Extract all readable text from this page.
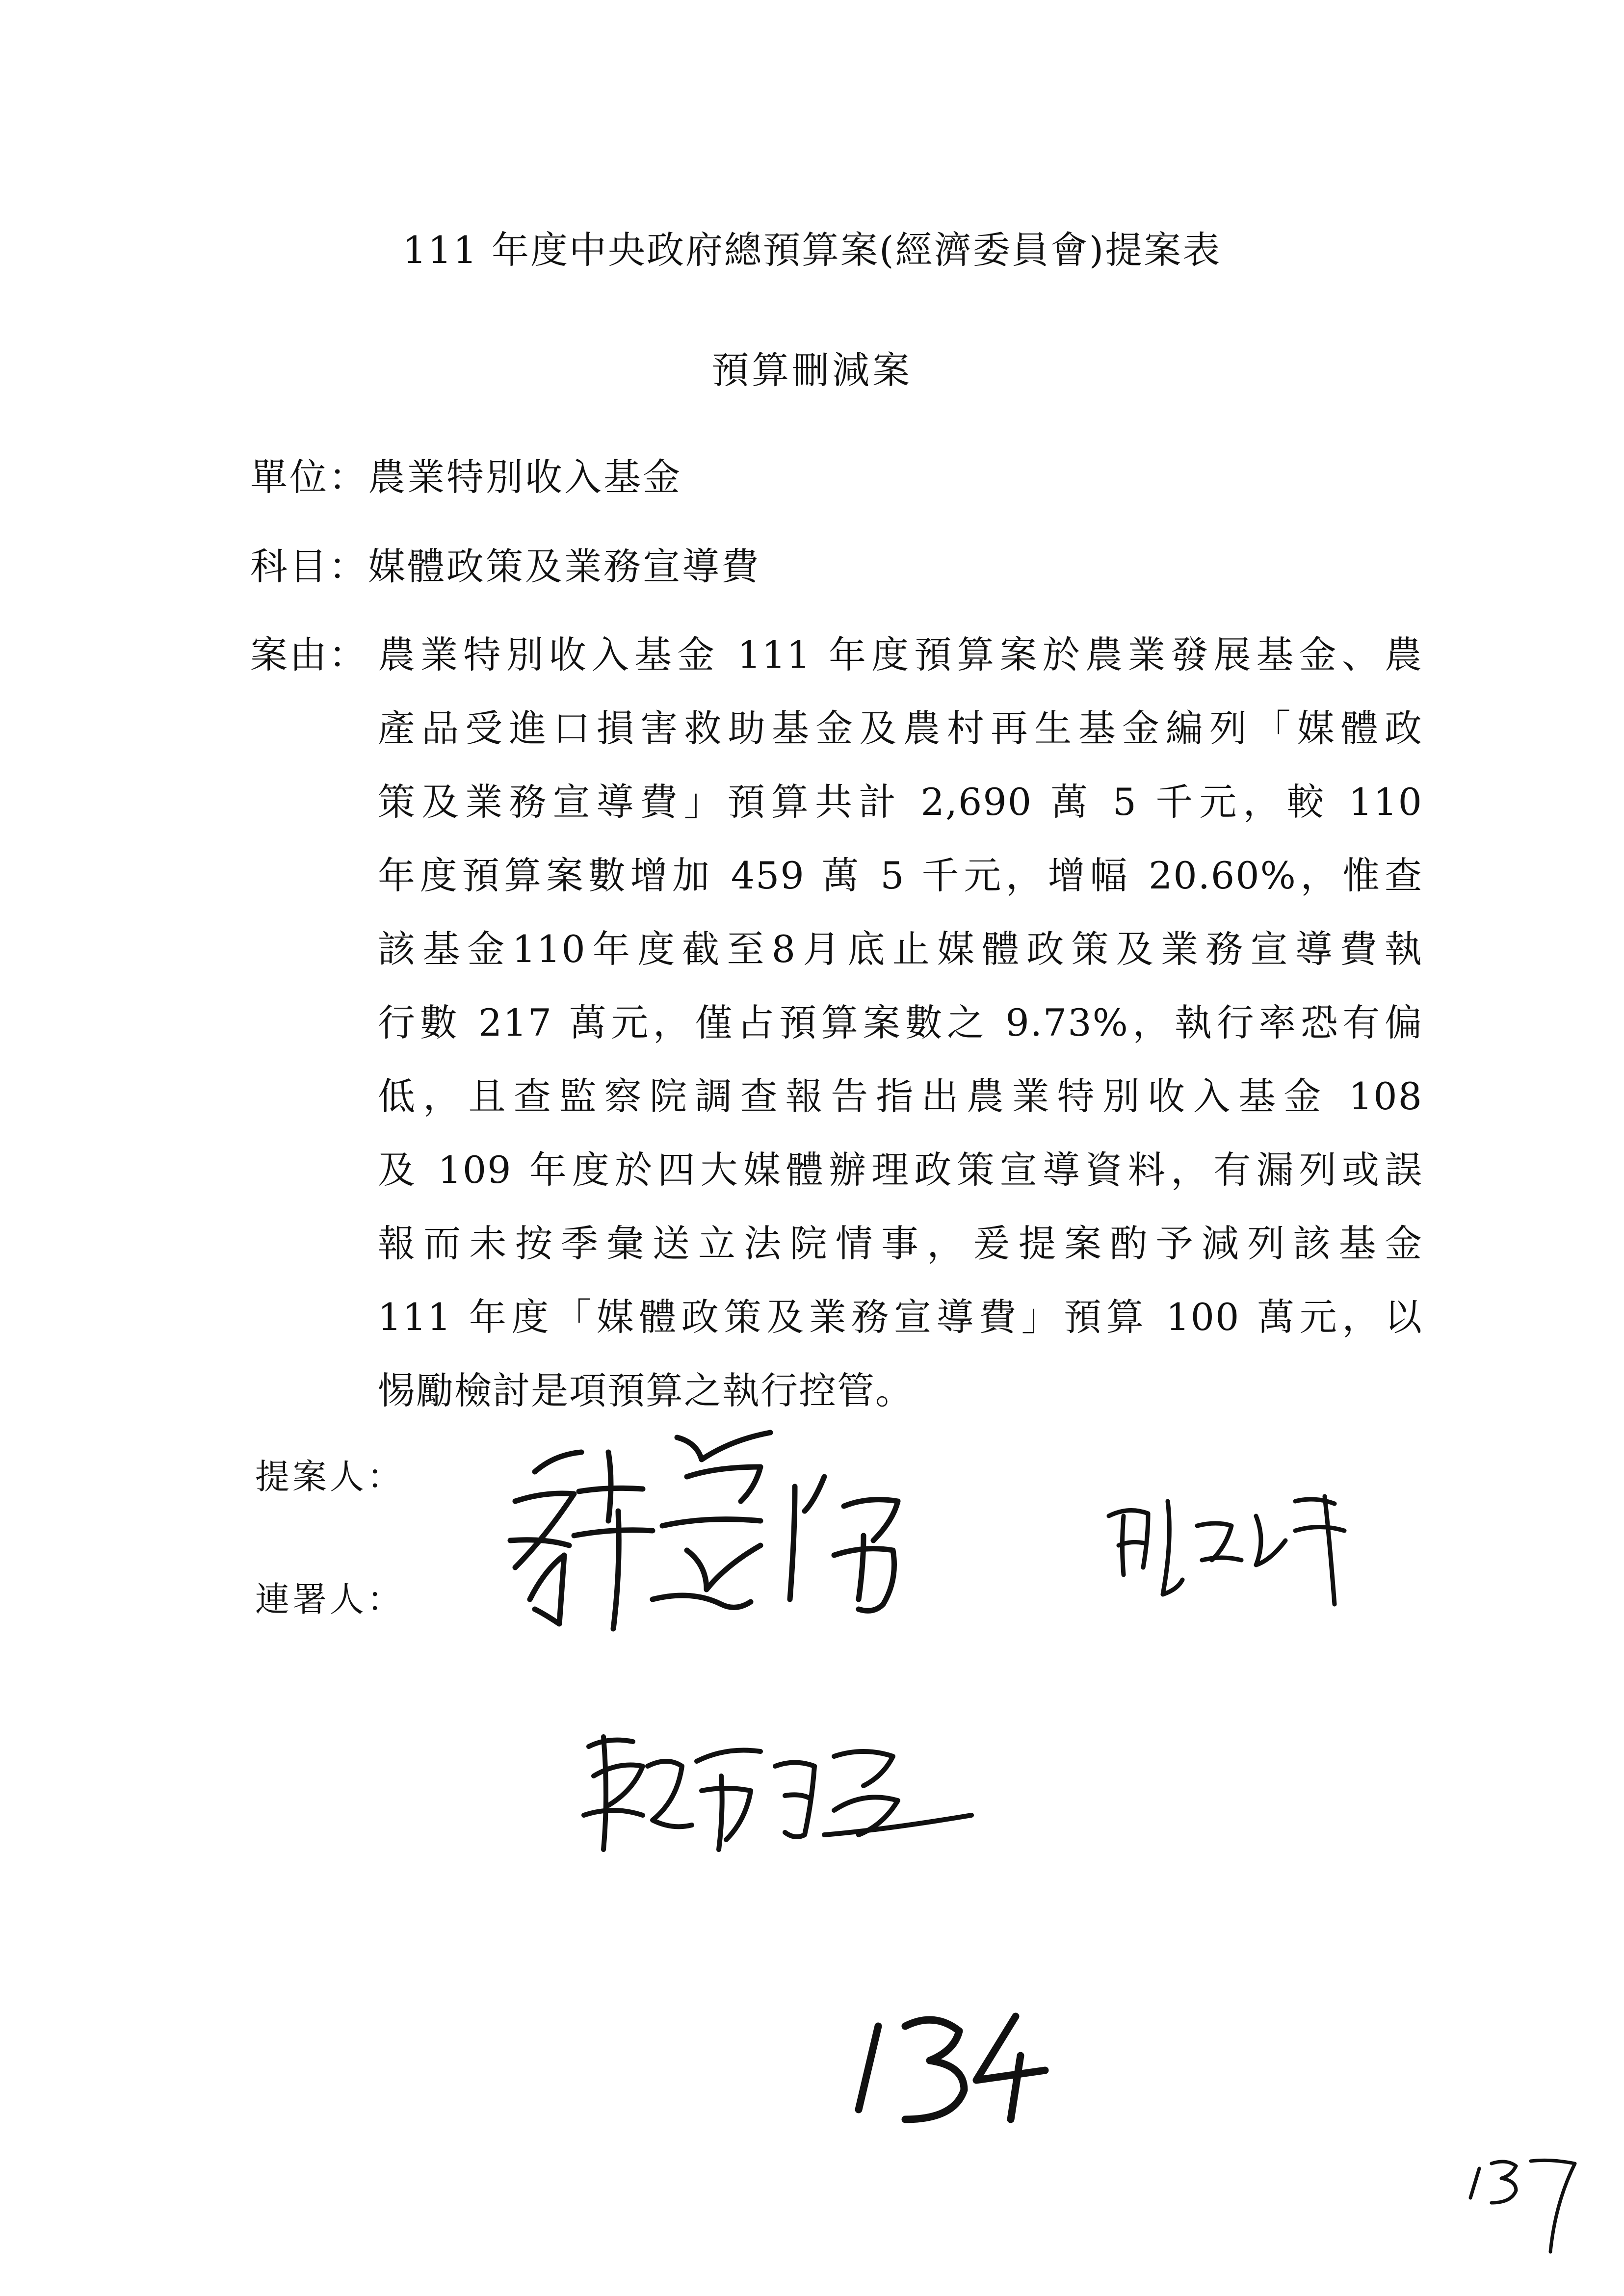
111 年度中央政府總預算案(經濟委員會)提案表
預算刪減案
單位：農業特別收入基金
科目：媒體政策及業務宣導費
案由： 農業特別收入基金 111 年度預算案於農業發展基金、農
產品受進口損害救助基金及農村再生基金編列「媒體政
策及業務宣導費」預算共計 2,690 萬 5 千元，較 110
年度預算案數增加 459 萬 5 千元，增幅 20.60%，惟查
該基金110年度截至8月底止媒體政策及業務宣導費執
行數 217 萬元，僅占預算案數之 9.73%，執行率恐有偏
低，且查監察院調查報告指出農業特別收入基金 108
及 109 年度於四大媒體辦理政策宣導資料，有漏列或誤
報而未按季彙送立法院情事，爰提案酌予減列該基金
111 年度「媒體政策及業務宣導費」預算 100 萬元，以
惕勵檢討是項預算之執行控管。
提案人：
連署人：
